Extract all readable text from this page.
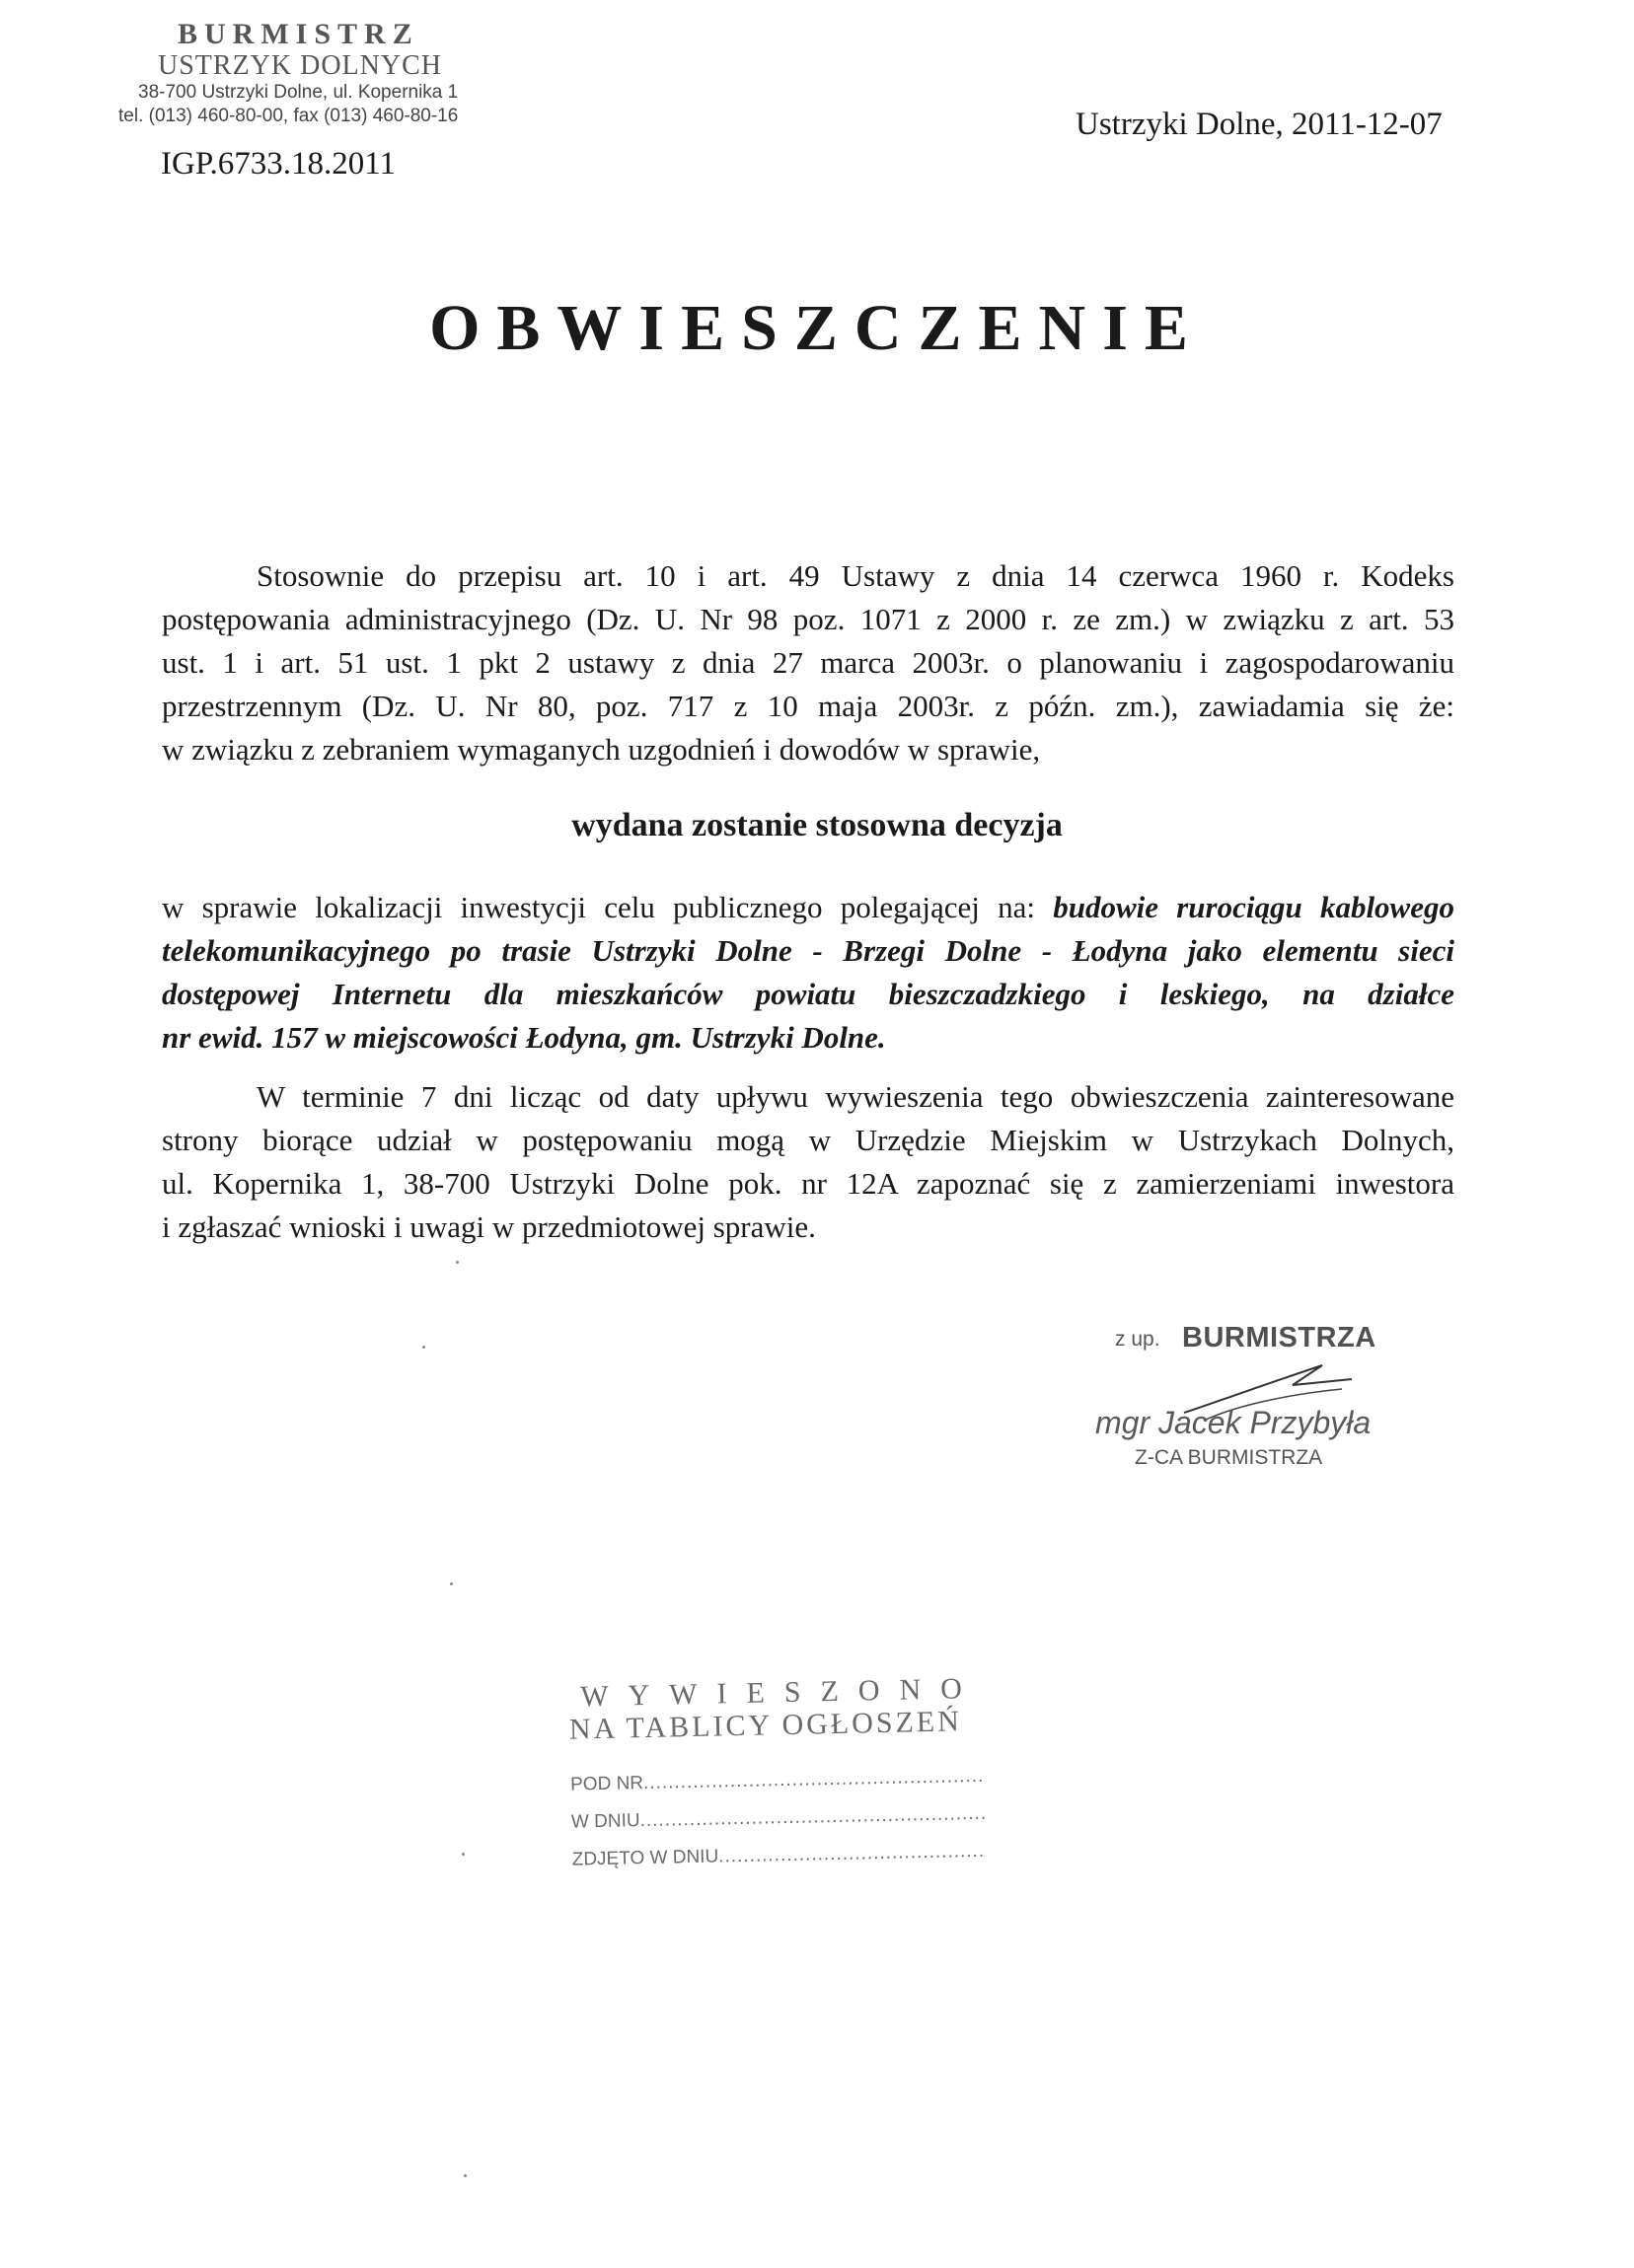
BURMISTRZ
USTRZYK DOLNYCH
38-700 Ustrzyki Dolne, ul. Kopernika 1
tel. (013) 460-80-00, fax (013) 460-80-16
IGP.6733.18.2011
Ustrzyki Dolne, 2011-12-07
OBWIESZCZENIE
Stosownie do przepisu art. 10 i art. 49 Ustawy z dnia 14 czerwca 1960 r. Kodeks
postępowania administracyjnego (Dz. U. Nr 98 poz. 1071 z 2000 r. ze zm.) w związku z art. 53
ust. 1 i art. 51 ust. 1 pkt 2 ustawy z dnia 27 marca 2003r. o planowaniu i zagospodarowaniu
przestrzennym (Dz. U. Nr 80, poz. 717 z 10 maja 2003r. z późn. zm.), zawiadamia się że:
w związku z zebraniem wymaganych uzgodnień i dowodów w sprawie,
wydana zostanie stosowna decyzja
w sprawie lokalizacji inwestycji celu publicznego polegającej na: budowie rurociągu kablowego
telekomunikacyjnego po trasie Ustrzyki Dolne - Brzegi Dolne - Łodyna jako elementu sieci
dostępowej Internetu dla mieszkańców powiatu bieszczadzkiego i leskiego, na działce
nr ewid. 157 w miejscowości Łodyna, gm. Ustrzyki Dolne.
W terminie 7 dni licząc od daty upływu wywieszenia tego obwieszczenia zainteresowane
strony biorące udział w postępowaniu mogą w Urzędzie Miejskim w Ustrzykach Dolnych,
ul. Kopernika 1, 38-700 Ustrzyki Dolne pok. nr 12A zapoznać się z zamierzeniami inwestora
i zgłaszać wnioski i uwagi w przedmiotowej sprawie.
z up. BURMISTRZA
mgr Jacek Przybyła
Z-CA BURMISTRZA
WYWIESZONO
NA TABLICY OGŁOSZEŃ
POD NR.......................................................
W DNIU........................................................
ZDJĘTO W DNIU...........................................
